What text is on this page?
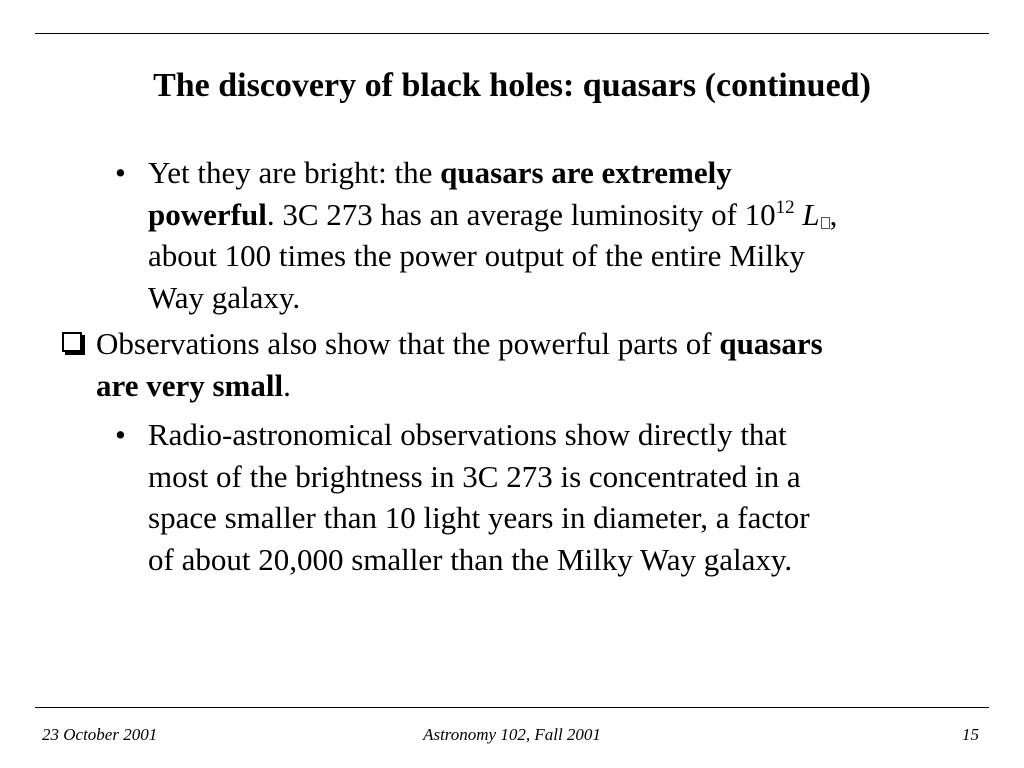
The discovery of black holes: quasars (continued)
• Yet they are bright: the quasars are extremely
powerful. 3C 273 has an average luminosity of $10^{12}$ L ,
about 100 times the power output of the entire Milky
Way galaxy.
Observations also show that the powerful parts of quasars
are very small.
• Radio-astronomical observations show directly that
most of the brightness in 3C 273 is concentrated in a
space smaller than 10 light years in diameter, a factor
of about 20,000 smaller than the Milky Way galaxy.
23 October 2001	Astronomy 102, Fall 2001	15
